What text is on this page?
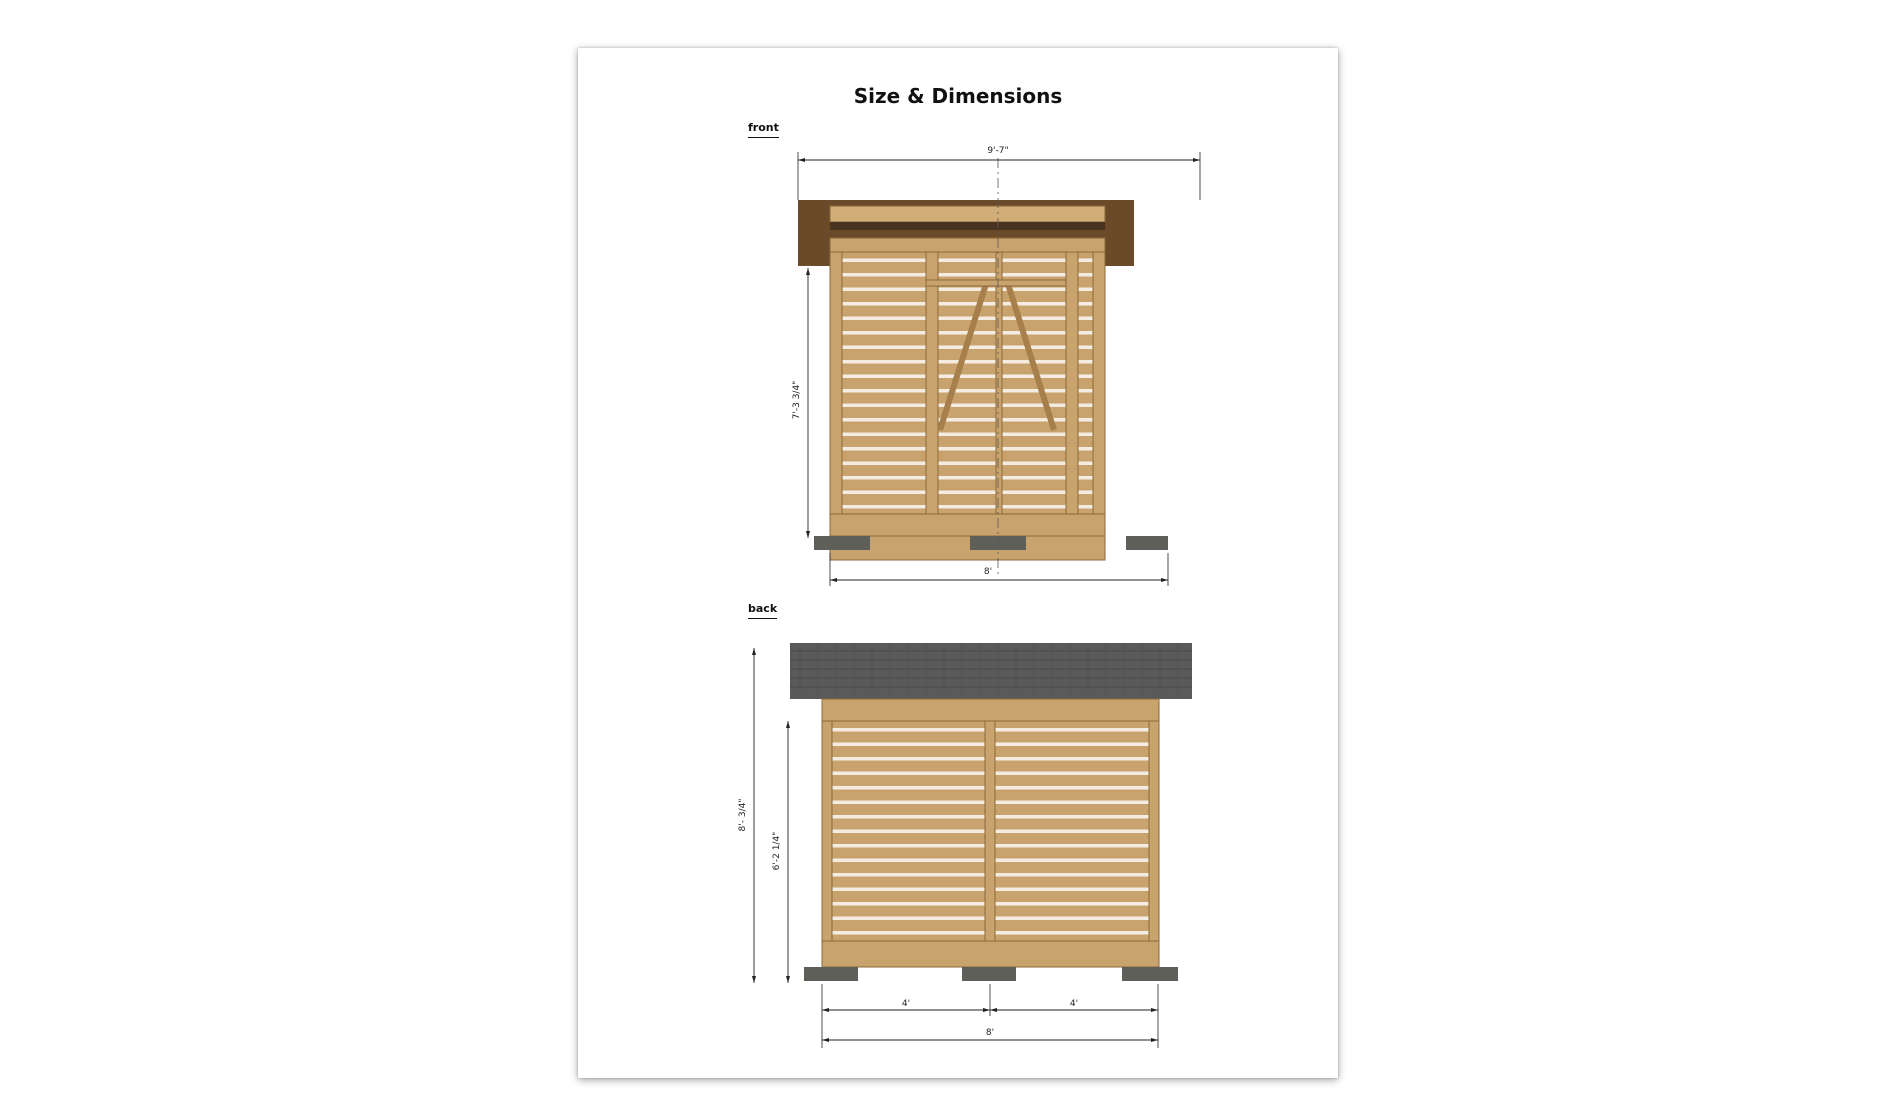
Size & Dimensions
front
back
9'-7"
7'-3 3/4"
8'
8'- 3/4"
6'-2 1/4"
4'	4'
8'
